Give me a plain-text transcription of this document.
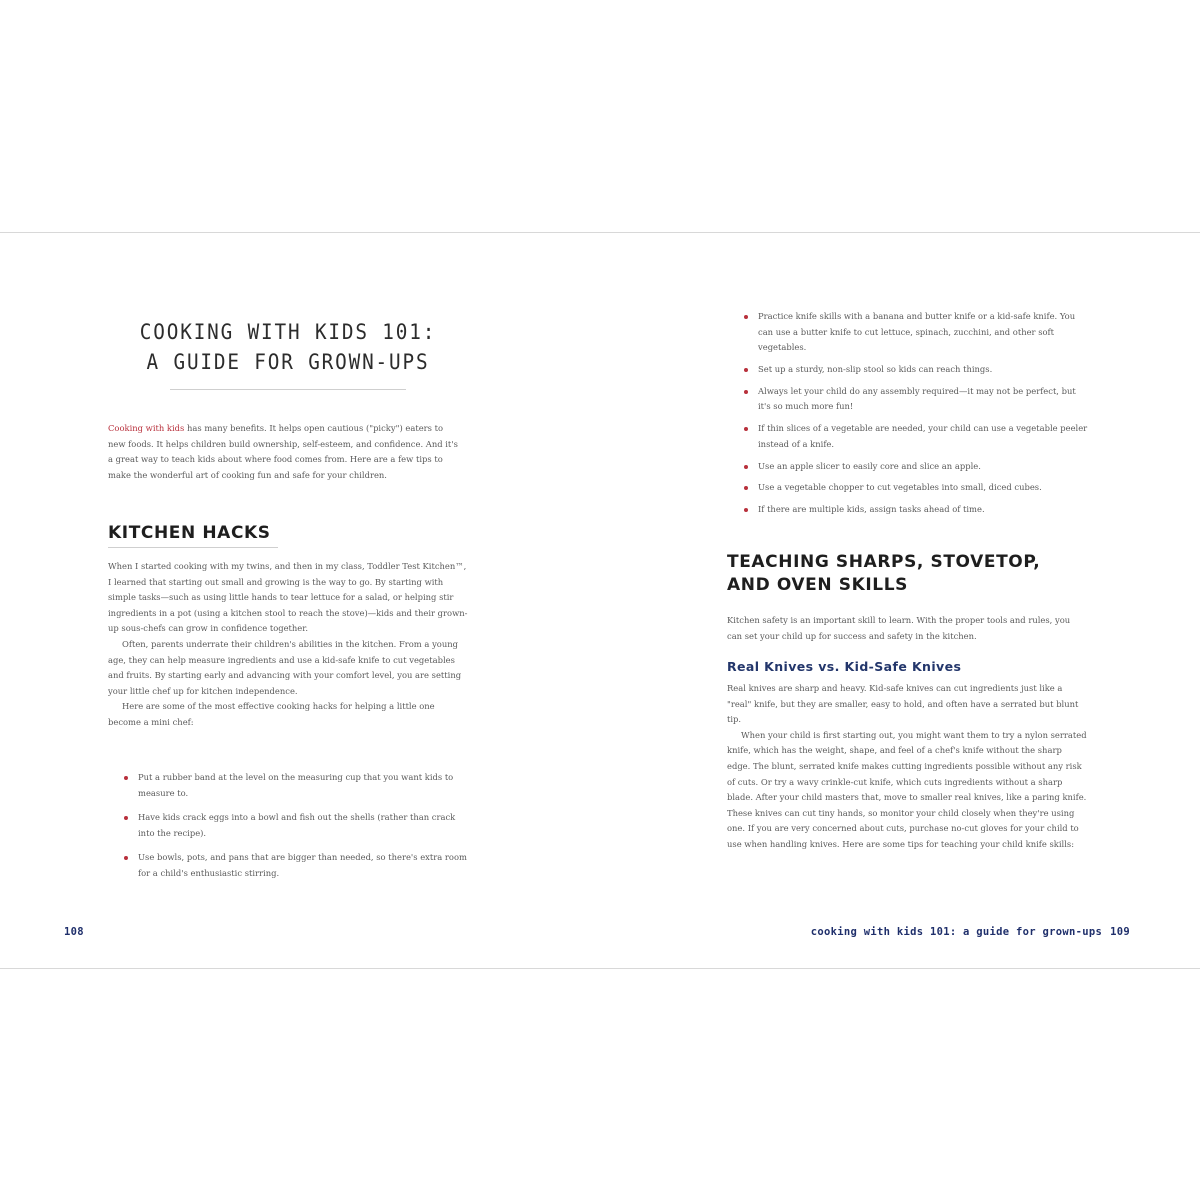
COOKING WITH KIDS 101:
A GUIDE FOR GROWN-UPS

Cooking with kids has many benefits. It helps open cautious ("picky") eaters to new foods. It helps children build ownership, self-esteem, and confidence. And it's a great way to teach kids about where food comes from. Here are a few tips to make the wonderful art of cooking fun and safe for your children.

KITCHEN HACKS

When I started cooking with my twins, and then in my class, Toddler Test Kitchen™, I learned that starting out small and growing is the way to go. By starting with simple tasks—such as using little hands to tear lettuce for a salad, or helping stir ingredients in a pot (using a kitchen stool to reach the stove)—kids and their grown-up sous-chefs can grow in confidence together.

Often, parents underrate their children's abilities in the kitchen. From a young age, they can help measure ingredients and use a kid-safe knife to cut vegetables and fruits. By starting early and advancing with your comfort level, you are setting your little chef up for kitchen independence.

Here are some of the most effective cooking hacks for helping a little one become a mini chef:

Put a rubber band at the level on the measuring cup that you want kids to measure to.
Have kids crack eggs into a bowl and fish out the shells (rather than crack into the recipe).
Use bowls, pots, and pans that are bigger than needed, so there's extra room for a child's enthusiastic stirring.
108
Practice knife skills with a banana and butter knife or a kid-safe knife. You can use a butter knife to cut lettuce, spinach, zucchini, and other soft vegetables.
Set up a sturdy, non-slip stool so kids can reach things.
Always let your child do any assembly required—it may not be perfect, but it's so much more fun!
If thin slices of a vegetable are needed, your child can use a vegetable peeler instead of a knife.
Use an apple slicer to easily core and slice an apple.
Use a vegetable chopper to cut vegetables into small, diced cubes.
If there are multiple kids, assign tasks ahead of time.
TEACHING SHARPS, STOVETOP, AND OVEN SKILLS

Kitchen safety is an important skill to learn. With the proper tools and rules, you can set your child up for success and safety in the kitchen.

Real Knives vs. Kid-Safe Knives

Real knives are sharp and heavy. Kid-safe knives can cut ingredients just like a "real" knife, but they are smaller, easy to hold, and often have a serrated but blunt tip.

When your child is first starting out, you might want them to try a nylon serrated knife, which has the weight, shape, and feel of a chef's knife without the sharp edge. The blunt, serrated knife makes cutting ingredients possible without any risk of cuts. Or try a wavy crinkle-cut knife, which cuts ingredients without a sharp blade. After your child masters that, move to smaller real knives, like a paring knife. These knives can cut tiny hands, so monitor your child closely when they're using one. If you are very concerned about cuts, purchase no-cut gloves for your child to use when handling knives. Here are some tips for teaching your child knife skills:

cooking with kids 101: a guide for grown-ups 109
